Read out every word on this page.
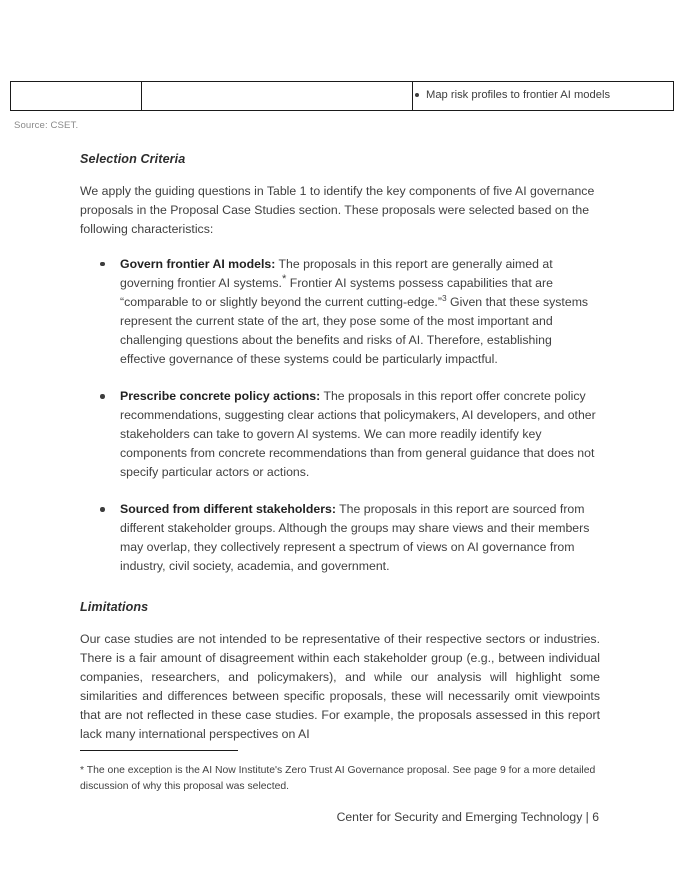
Map risk profiles to frontier AI models
Source: CSET.
Selection Criteria

We apply the guiding questions in Table 1 to identify the key components of five AI governance proposals in the Proposal Case Studies section. These proposals were selected based on the following characteristics:

Govern frontier AI models: The proposals in this report are generally aimed at governing frontier AI systems.* Frontier AI systems possess capabilities that are “comparable to or slightly beyond the current cutting-edge.”$^3$ Given that these systems represent the current state of the art, they pose some of the most important and challenging questions about the benefits and risks of AI. Therefore, establishing effective governance of these systems could be particularly impactful.
Prescribe concrete policy actions: The proposals in this report offer concrete policy recommendations, suggesting clear actions that policymakers, AI developers, and other stakeholders can take to govern AI systems. We can more readily identify key components from concrete recommendations than from general guidance that does not specify particular actors or actions.
Sourced from different stakeholders: The proposals in this report are sourced from different stakeholder groups. Although the groups may share views and their members may overlap, they collectively represent a spectrum of views on AI governance from industry, civil society, academia, and government.
Limitations

Our case studies are not intended to be representative of their respective sectors or industries. There is a fair amount of disagreement within each stakeholder group (e.g., between individual companies, researchers, and policymakers), and while our analysis will highlight some similarities and differences between specific proposals, these will necessarily omit viewpoints that are not reflected in these case studies. For example, the proposals assessed in this report lack many international perspectives on AI

* The one exception is the AI Now Institute's Zero Trust AI Governance proposal. See page 9 for a more detailed discussion of why this proposal was selected.

Center for Security and Emerging Technology | 6
